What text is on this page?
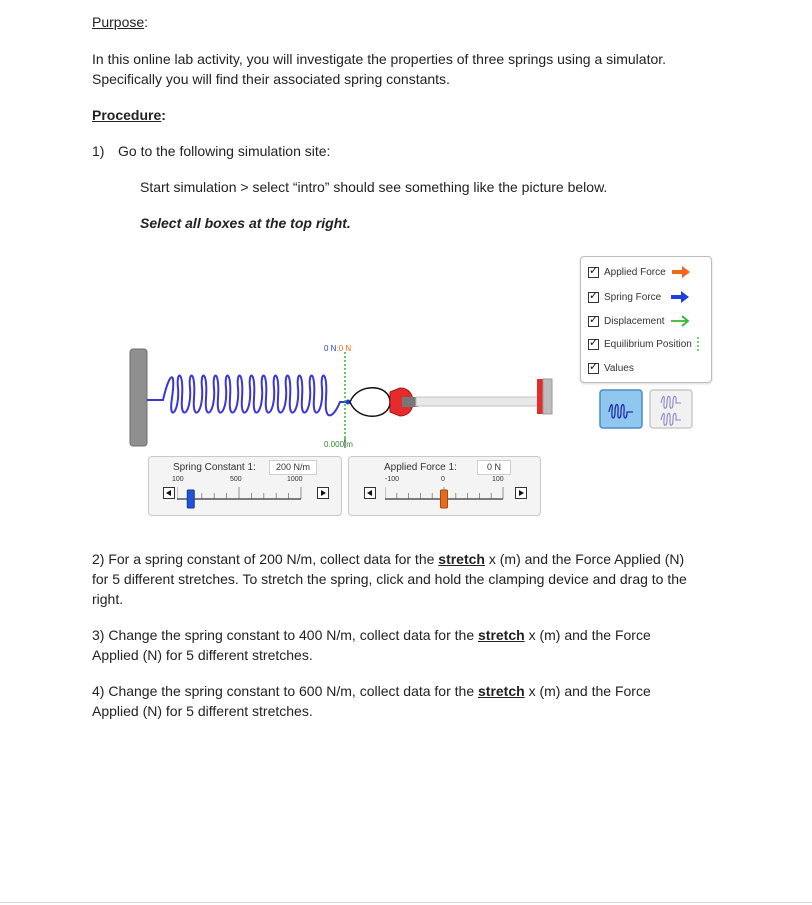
Purpose:
In this online lab activity, you will investigate the properties of three springs using a simulator.
Specifically you will find their associated spring constants.
Procedure:
1) Go to the following simulation site:
Start simulation > select “intro” should see something like the picture below.
Select all boxes at the top right.
0 N:0 N
0.000 m
✓
Applied Force
✓
Spring Force
✓
Displacement
✓
Equilibrium Position
✓
Values
Spring Constant 1:	200 N/m
100	500	1000
Applied Force 1:	0 N
-100	0	100
2) For a spring constant of 200 N/m, collect data for the stretch x (m) and the Force Applied (N)
for 5 different stretches. To stretch the spring, click and hold the clamping device and drag to the
right.
3) Change the spring constant to 400 N/m, collect data for the stretch x (m) and the Force
Applied (N) for 5 different stretches.
4) Change the spring constant to 600 N/m, collect data for the stretch x (m) and the Force
Applied (N) for 5 different stretches.
